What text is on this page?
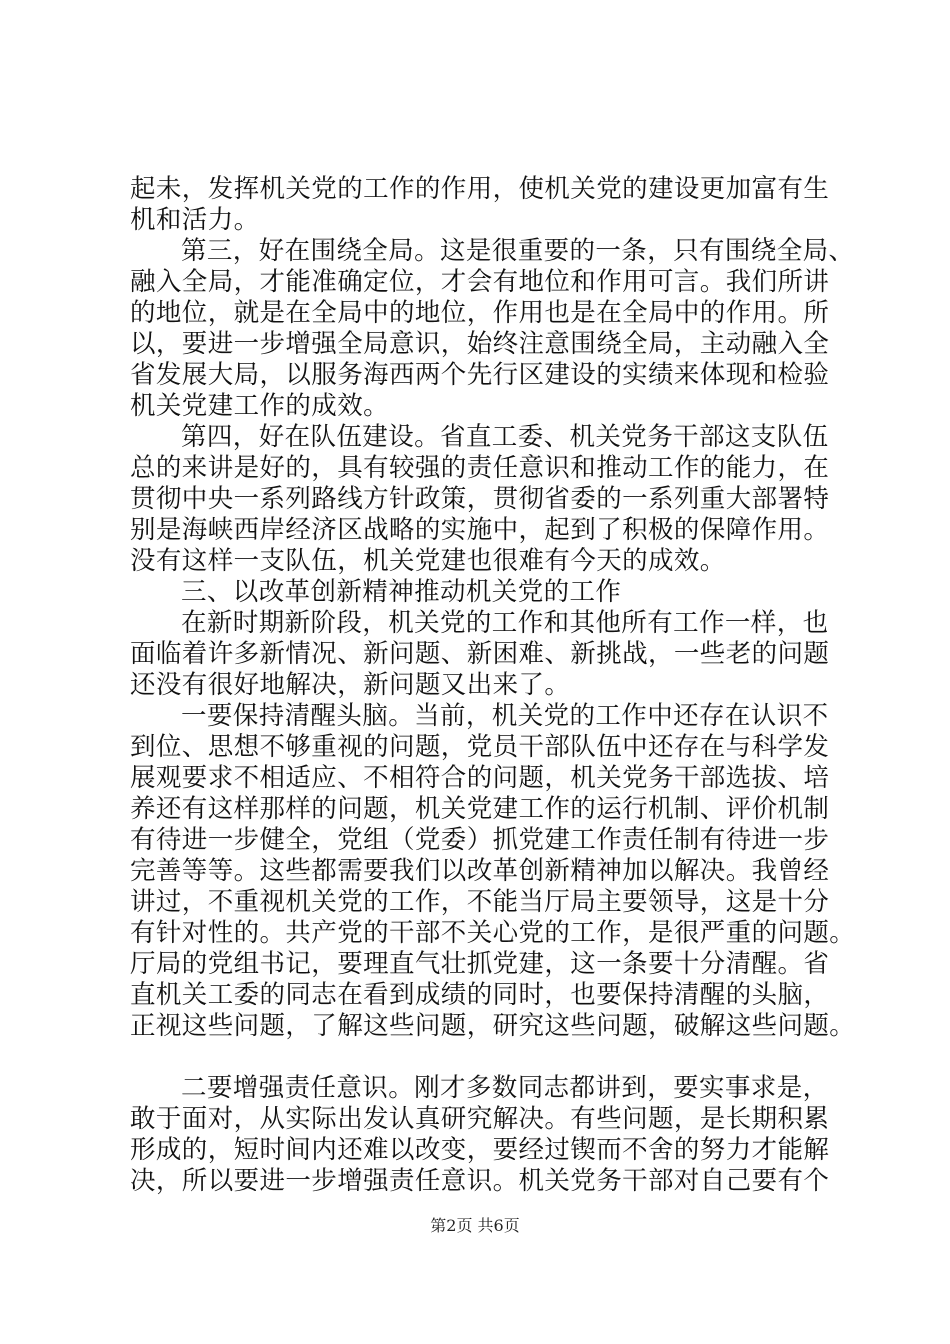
起未，发挥机关党的工作的作用，使机关党的建设更加富有生
机和活力。
第三，好在围绕全局。这是很重要的一条，只有围绕全局、
融入全局，才能准确定位，才会有地位和作用可言。我们所讲
的地位，就是在全局中的地位，作用也是在全局中的作用。所
以，要进一步增强全局意识，始终注意围绕全局，主动融入全
省发展大局，以服务海西两个先行区建设的实绩来体现和检验
机关党建工作的成效。
第四，好在队伍建设。省直工委、机关党务干部这支队伍
总的来讲是好的，具有较强的责任意识和推动工作的能力，在
贯彻中央一系列路线方针政策，贯彻省委的一系列重大部署特
别是海峡西岸经济区战略的实施中，起到了积极的保障作用。
没有这样一支队伍，机关党建也很难有今天的成效。
三、以改革创新精神推动机关党的工作
在新时期新阶段，机关党的工作和其他所有工作一样，也
面临着许多新情况、新问题、新困难、新挑战，一些老的问题
还没有很好地解决，新问题又出来了。
一要保持清醒头脑。当前，机关党的工作中还存在认识不
到位、思想不够重视的问题，党员干部队伍中还存在与科学发
展观要求不相适应、不相符合的问题，机关党务干部选拔、培
养还有这样那样的问题，机关党建工作的运行机制、评价机制
有待进一步健全，党组（党委）抓党建工作责任制有待进一步
完善等等。这些都需要我们以改革创新精神加以解决。我曾经
讲过，不重视机关党的工作，不能当厅局主要领导，这是十分
有针对性的。共产党的干部不关心党的工作，是很严重的问题。
厅局的党组书记，要理直气壮抓党建，这一条要十分清醒。省
直机关工委的同志在看到成绩的同时，也要保持清醒的头脑，
正视这些问题，了解这些问题，研究这些问题，破解这些问题。
二要增强责任意识。刚才多数同志都讲到，要实事求是，
敢于面对，从实际出发认真研究解决。有些问题，是长期积累
形成的，短时间内还难以改变，要经过锲而不舍的努力才能解
决，所以要进一步增强责任意识。机关党务干部对自己要有个
第2页 共6页
